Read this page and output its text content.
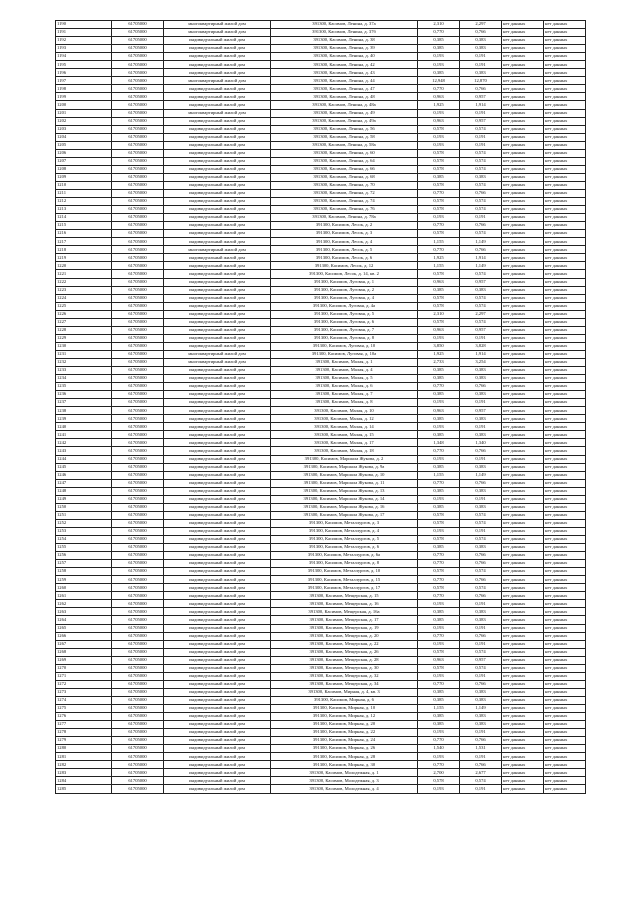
1190	61705000	многоквартирный жилой дом	391300, Касимов, Ленина, д. 37а	2,310	2,297	нет данных	нет данных
1191	61705000	многоквартирный жилой дом	391300, Касимов, Ленина, д. 37б	0,770	0,766	нет данных	нет данных
1192	61705000	индивидуальный жилой дом	391300, Касимов, Ленина, д. 38	0,385	0,383	нет данных	нет данных
1193	61705000	индивидуальный жилой дом	391300, Касимов, Ленина, д. 39	0,385	0,383	нет данных	нет данных
1194	61705000	индивидуальный жилой дом	391300, Касимов, Ленина, д. 40	0,193	0,191	нет данных	нет данных
1195	61705000	индивидуальный жилой дом	391300, Касимов, Ленина, д. 42	0,193	0,191	нет данных	нет данных
1196	61705000	индивидуальный жилой дом	391300, Касимов, Ленина, д. 43	0,385	0,383	нет данных	нет данных
1197	61705000	многоквартирный жилой дом	391300, Касимов, Ленина, д. 44	12,948	12,870	нет данных	нет данных
1198	61705000	индивидуальный жилой дом	391300, Касимов, Ленина, д. 47	0,770	0,766	нет данных	нет данных
1199	61705000	индивидуальный жилой дом	391300, Касимов, Ленина, д. 48	0,963	0,957	нет данных	нет данных
1200	61705000	индивидуальный жилой дом	391300, Касимов, Ленина, д. 48а	1,925	1,914	нет данных	нет данных
1201	61705000	многоквартирный жилой дом	391300, Касимов, Ленина, д. 49	0,193	0,191	нет данных	нет данных
1202	61705000	индивидуальный жилой дом	391300, Касимов, Ленина, д. 49а	0,963	0,957	нет данных	нет данных
1203	61705000	индивидуальный жилой дом	391300, Касимов, Ленина, д. 56	0,578	0,574	нет данных	нет данных
1204	61705000	индивидуальный жилой дом	391300, Касимов, Ленина, д. 58	0,193	0,191	нет данных	нет данных
1205	61705000	индивидуальный жилой дом	391300, Касимов, Ленина, д. 58а	0,193	0,191	нет данных	нет данных
1206	61705000	индивидуальный жилой дом	391300, Касимов, Ленина, д. 60	0,578	0,574	нет данных	нет данных
1207	61705000	индивидуальный жилой дом	391300, Касимов, Ленина, д. 64	0,578	0,574	нет данных	нет данных
1208	61705000	индивидуальный жилой дом	391300, Касимов, Ленина, д. 66	0,578	0,574	нет данных	нет данных
1209	61705000	индивидуальный жилой дом	391300, Касимов, Ленина, д. 68	0,385	0,383	нет данных	нет данных
1210	61705000	индивидуальный жилой дом	391300, Касимов, Ленина, д. 70	0,578	0,574	нет данных	нет данных
1211	61705000	индивидуальный жилой дом	391300, Касимов, Ленина, д. 72	0,770	0,766	нет данных	нет данных
1212	61705000	индивидуальный жилой дом	391300, Касимов, Ленина, д. 74	0,578	0,574	нет данных	нет данных
1213	61705000	индивидуальный жилой дом	391300, Касимов, Ленина, д. 76	0,578	0,574	нет данных	нет данных
1214	61705000	индивидуальный жилой дом	391300, Касимов, Ленина, д. 78а	0,193	0,191	нет данных	нет данных
1215	61705000	индивидуальный жилой дом	391300, Касимов, Лесок, д. 2	0,770	0,766	нет данных	нет данных
1216	61705000	индивидуальный жилой дом	391300, Касимов, Лесок, д. 3	0,578	0,574	нет данных	нет данных
1217	61705000	индивидуальный жилой дом	391300, Касимов, Лесок, д. 4	1,155	1,149	нет данных	нет данных
1218	61705000	многоквартирный жилой дом	391300, Касимов, Лесок, д. 5	0,770	0,766	нет данных	нет данных
1219	61705000	индивидуальный жилой дом	391300, Касимов, Лесок, д. 6	1,925	1,914	нет данных	нет данных
1220	61705000	индивидуальный жилой дом	391300, Касимов, Лесок, д. 12	1,155	1,149	нет данных	нет данных
1221	61705000	индивидуальный жилой дом	391300, Касимов, Лесок, д. 14, кв. 2	0,578	0,574	нет данных	нет данных
1222	61705000	индивидуальный жилой дом	391300, Касимов, Луговая, д. 1	0,963	0,957	нет данных	нет данных
1223	61705000	индивидуальный жилой дом	391300, Касимов, Луговая, д. 2	0,385	0,383	нет данных	нет данных
1224	61705000	индивидуальный жилой дом	391300, Касимов, Луговая, д. 4	0,578	0,574	нет данных	нет данных
1225	61705000	индивидуальный жилой дом	391300, Касимов, Луговая, д. 4а	0,578	0,574	нет данных	нет данных
1226	61705000	индивидуальный жилой дом	391300, Касимов, Луговая, д. 5	2,310	2,297	нет данных	нет данных
1227	61705000	индивидуальный жилой дом	391300, Касимов, Луговая, д. 6	0,578	0,574	нет данных	нет данных
1228	61705000	индивидуальный жилой дом	391300, Касимов, Луговая, д. 7	0,963	0,957	нет данных	нет данных
1229	61705000	индивидуальный жилой дом	391300, Касимов, Луговая, д. 8	0,193	0,191	нет данных	нет данных
1230	61705000	индивидуальный жилой дом	391300, Касимов, Луговая, д. 10	3,850	3,828	нет данных	нет данных
1231	61705000	многоквартирный жилой дом	391300, Касимов, Луговая, д. 10а	1,925	1,914	нет данных	нет данных
1232	61705000	многоквартирный жилой дом	391300, Касимов, Малая, д. 1	2,733	3,254	нет данных	нет данных
1233	61705000	индивидуальный жилой дом	391300, Касимов, Малая, д. 4	0,385	0,383	нет данных	нет данных
1234	61705000	индивидуальный жилой дом	391300, Касимов, Малая, д. 5	0,385	0,383	нет данных	нет данных
1235	61705000	индивидуальный жилой дом	391300, Касимов, Малая, д. 6	0,770	0,766	нет данных	нет данных
1236	61705000	индивидуальный жилой дом	391300, Касимов, Малая, д. 7	0,385	0,383	нет данных	нет данных
1237	61705000	индивидуальный жилой дом	391300, Касимов, Малая, д. 8	0,193	0,191	нет данных	нет данных
1238	61705000	индивидуальный жилой дом	391300, Касимов, Малая, д. 10	0,963	0,957	нет данных	нет данных
1239	61705000	индивидуальный жилой дом	391300, Касимов, Малая, д. 12	0,385	0,383	нет данных	нет данных
1240	61705000	индивидуальный жилой дом	391300, Касимов, Малая, д. 14	0,193	0,191	нет данных	нет данных
1241	61705000	индивидуальный жилой дом	391300, Касимов, Малая, д. 15	0,385	0,383	нет данных	нет данных
1242	61705000	индивидуальный жилой дом	391300, Касимов, Малая, д. 17	1,348	1,340	нет данных	нет данных
1243	61705000	индивидуальный жилой дом	391300, Касимов, Малая, д. 18	0,770	0,766	нет данных	нет данных
1244	61705000	индивидуальный жилой дом	391300, Касимов, Маршала Жукова, д. 2	0,193	0,191	нет данных	нет данных
1245	61705000	индивидуальный жилой дом	391300, Касимов, Маршала Жукова, д. 9а	0,385	0,383	нет данных	нет данных
1246	61705000	индивидуальный жилой дом	391300, Касимов, Маршала Жукова, д. 10	1,155	1,149	нет данных	нет данных
1247	61705000	индивидуальный жилой дом	391300, Касимов, Маршала Жукова, д. 11	0,770	0,766	нет данных	нет данных
1248	61705000	индивидуальный жилой дом	391300, Касимов, Маршала Жукова, д. 13	0,385	0,383	нет данных	нет данных
1249	61705000	индивидуальный жилой дом	391300, Касимов, Маршала Жукова, д. 14	0,193	0,191	нет данных	нет данных
1250	61705000	индивидуальный жилой дом	391300, Касимов, Маршала Жукова, д. 16	0,385	0,383	нет данных	нет данных
1251	61705000	индивидуальный жилой дом	391300, Касимов, Маршала Жукова, д. 17	0,578	0,574	нет данных	нет данных
1252	61705000	индивидуальный жилой дом	391300, Касимов, Металлургов, д. 3	0,578	0,574	нет данных	нет данных
1253	61705000	индивидуальный жилой дом	391300, Касимов, Металлургов, д. 4	0,193	0,191	нет данных	нет данных
1254	61705000	индивидуальный жилой дом	391300, Касимов, Металлургов, д. 5	0,578	0,574	нет данных	нет данных
1255	61705000	индивидуальный жилой дом	391300, Касимов, Металлургов, д. 6	0,385	0,383	нет данных	нет данных
1256	61705000	индивидуальный жилой дом	391300, Касимов, Металлургов, д. 6а	0,770	0,766	нет данных	нет данных
1257	61705000	индивидуальный жилой дом	391300, Касимов, Металлургов, д. 8	0,770	0,766	нет данных	нет данных
1258	61705000	индивидуальный жилой дом	391300, Касимов, Металлургов, д. 10	0,578	0,574	нет данных	нет данных
1259	61705000	индивидуальный жилой дом	391300, Касимов, Металлургов, д. 15	0,770	0,766	нет данных	нет данных
1260	61705000	индивидуальный жилой дом	391300, Касимов, Металлургов, д. 17	0,578	0,574	нет данных	нет данных
1261	61705000	индивидуальный жилой дом	391300, Касимов, Мещерская, д. 15	0,770	0,766	нет данных	нет данных
1262	61705000	индивидуальный жилой дом	391300, Касимов, Мещерская, д. 16	0,193	0,191	нет данных	нет данных
1263	61705000	индивидуальный жилой дом	391300, Касимов, Мещерская, д. 16а	0,385	0,383	нет данных	нет данных
1264	61705000	индивидуальный жилой дом	391300, Касимов, Мещерская, д. 17	0,385	0,383	нет данных	нет данных
1265	61705000	индивидуальный жилой дом	391300, Касимов, Мещерская, д. 19	0,193	0,191	нет данных	нет данных
1266	61705000	индивидуальный жилой дом	391300, Касимов, Мещерская, д. 20	0,770	0,766	нет данных	нет данных
1267	61705000	индивидуальный жилой дом	391300, Касимов, Мещерская, д. 22	0,193	0,191	нет данных	нет данных
1268	61705000	индивидуальный жилой дом	391300, Касимов, Мещерская, д. 26	0,578	0,574	нет данных	нет данных
1269	61705000	индивидуальный жилой дом	391300, Касимов, Мещерская, д. 28	0,963	0,957	нет данных	нет данных
1270	61705000	индивидуальный жилой дом	391300, Касимов, Мещерская, д. 30	0,578	0,574	нет данных	нет данных
1271	61705000	индивидуальный жилой дом	391300, Касимов, Мещерская, д. 32	0,193	0,191	нет данных	нет данных
1272	61705000	индивидуальный жилой дом	391300, Касимов, Мещерская, д. 34	0,770	0,766	нет данных	нет данных
1273	61705000	индивидуальный жилой дом	391300, Касимов, Мирная, д. 4, кв. 3	0,385	0,383	нет данных	нет данных
1274	61705000	индивидуальный жилой дом	391300, Касимов, Мирная, д. 6	0,385	0,383	нет данных	нет данных
1275	61705000	индивидуальный жилой дом	391300, Касимов, Мирная, д. 10	1,155	1,149	нет данных	нет данных
1276	61705000	индивидуальный жилой дом	391300, Касимов, Мирная, д. 12	0,385	0,383	нет данных	нет данных
1277	61705000	индивидуальный жилой дом	391300, Касимов, Мирная, д. 20	0,385	0,383	нет данных	нет данных
1278	61705000	индивидуальный жилой дом	391300, Касимов, Мирная, д. 22	0,193	0,191	нет данных	нет данных
1279	61705000	индивидуальный жилой дом	391300, Касимов, Мирная, д. 24	0,770	0,766	нет данных	нет данных
1280	61705000	индивидуальный жилой дом	391300, Касимов, Мирная, д. 26	1,540	1,531	нет данных	нет данных
1281	61705000	индивидуальный жилой дом	391300, Касимов, Мирная, д. 28	0,193	0,191	нет данных	нет данных
1282	61705000	индивидуальный жилой дом	391300, Касимов, Мирная, д. 30	0,770	0,766	нет данных	нет данных
1283	61705000	индивидуальный жилой дом	391300, Касимов, Молодежная, д. 1	2,700	2,677	нет данных	нет данных
1284	61705000	индивидуальный жилой дом	391300, Касимов, Молодежная, д. 3	0,578	0,574	нет данных	нет данных
1285	61705000	индивидуальный жилой дом	391300, Касимов, Молодежная, д. 4	0,193	0,191	нет данных	нет данных
